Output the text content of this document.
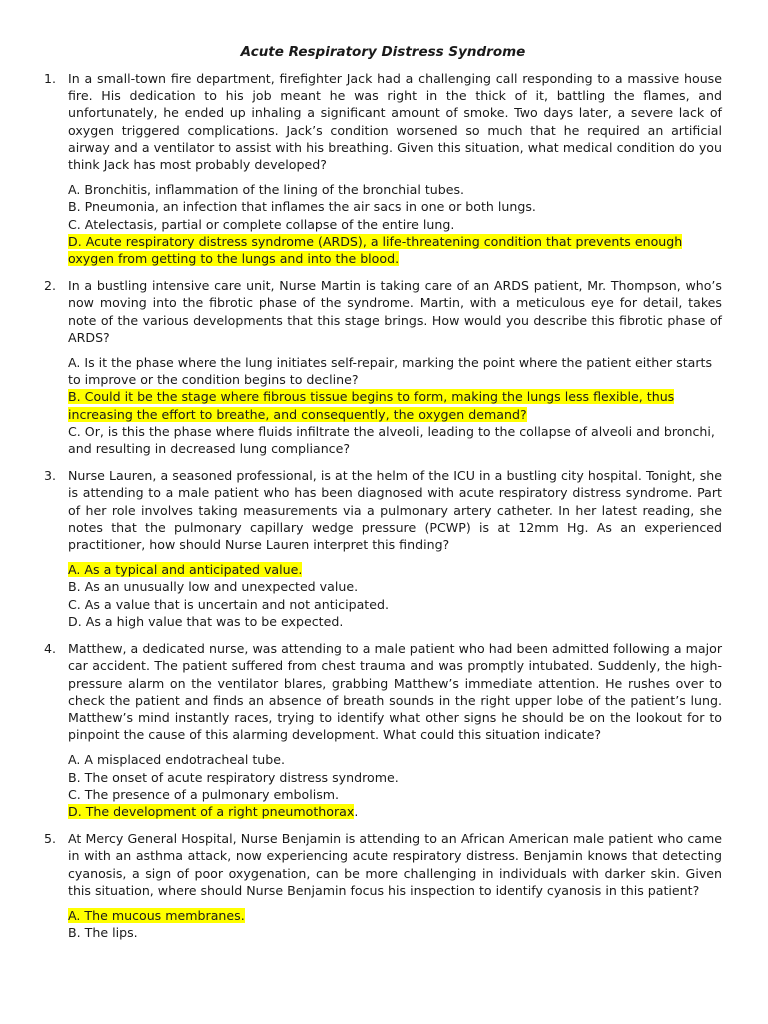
Acute Respiratory Distress Syndrome
1. In a small-town fire department, firefighter Jack had a challenging call responding to a massive house fire. His dedication to his job meant he was right in the thick of it, battling the flames, and unfortunately, he ended up inhaling a significant amount of smoke. Two days later, a severe lack of oxygen triggered complications. Jack’s condition worsened so much that he required an artificial airway and a ventilator to assist with his breathing. Given this situation, what medical condition do you think Jack has most probably developed?

A. Bronchitis, inflammation of the lining of the bronchial tubes.

B. Pneumonia, an infection that inflames the air sacs in one or both lungs.

C. Atelectasis, partial or complete collapse of the entire lung.

D. Acute respiratory distress syndrome (ARDS), a life-threatening condition that prevents enough oxygen from getting to the lungs and into the blood.

2. In a bustling intensive care unit, Nurse Martin is taking care of an ARDS patient, Mr. Thompson, who’s now moving into the fibrotic phase of the syndrome. Martin, with a meticulous eye for detail, takes note of the various developments that this stage brings. How would you describe this fibrotic phase of ARDS?

A. Is it the phase where the lung initiates self-repair, marking the point where the patient either starts to improve or the condition begins to decline?

B. Could it be the stage where fibrous tissue begins to form, making the lungs less flexible, thus increasing the effort to breathe, and consequently, the oxygen demand?

C. Or, is this the phase where fluids infiltrate the alveoli, leading to the collapse of alveoli and bronchi, and resulting in decreased lung compliance?

3. Nurse Lauren, a seasoned professional, is at the helm of the ICU in a bustling city hospital. Tonight, she is attending to a male patient who has been diagnosed with acute respiratory distress syndrome. Part of her role involves taking measurements via a pulmonary artery catheter. In her latest reading, she notes that the pulmonary capillary wedge pressure (PCWP) is at 12mm Hg. As an experienced practitioner, how should Nurse Lauren interpret this finding?

A. As a typical and anticipated value.

B. As an unusually low and unexpected value.

C. As a value that is uncertain and not anticipated.

D. As a high value that was to be expected.

4. Matthew, a dedicated nurse, was attending to a male patient who had been admitted following a major car accident. The patient suffered from chest trauma and was promptly intubated. Suddenly, the high-pressure alarm on the ventilator blares, grabbing Matthew’s immediate attention. He rushes over to check the patient and finds an absence of breath sounds in the right upper lobe of the patient’s lung. Matthew’s mind instantly races, trying to identify what other signs he should be on the lookout for to pinpoint the cause of this alarming development. What could this situation indicate?

A. A misplaced endotracheal tube.

B. The onset of acute respiratory distress syndrome.

C. The presence of a pulmonary embolism.

D. The development of a right pneumothorax.

5. At Mercy General Hospital, Nurse Benjamin is attending to an African American male patient who came in with an asthma attack, now experiencing acute respiratory distress. Benjamin knows that detecting cyanosis, a sign of poor oxygenation, can be more challenging in individuals with darker skin. Given this situation, where should Nurse Benjamin focus his inspection to identify cyanosis in this patient?

A. The mucous membranes.

B. The lips.
